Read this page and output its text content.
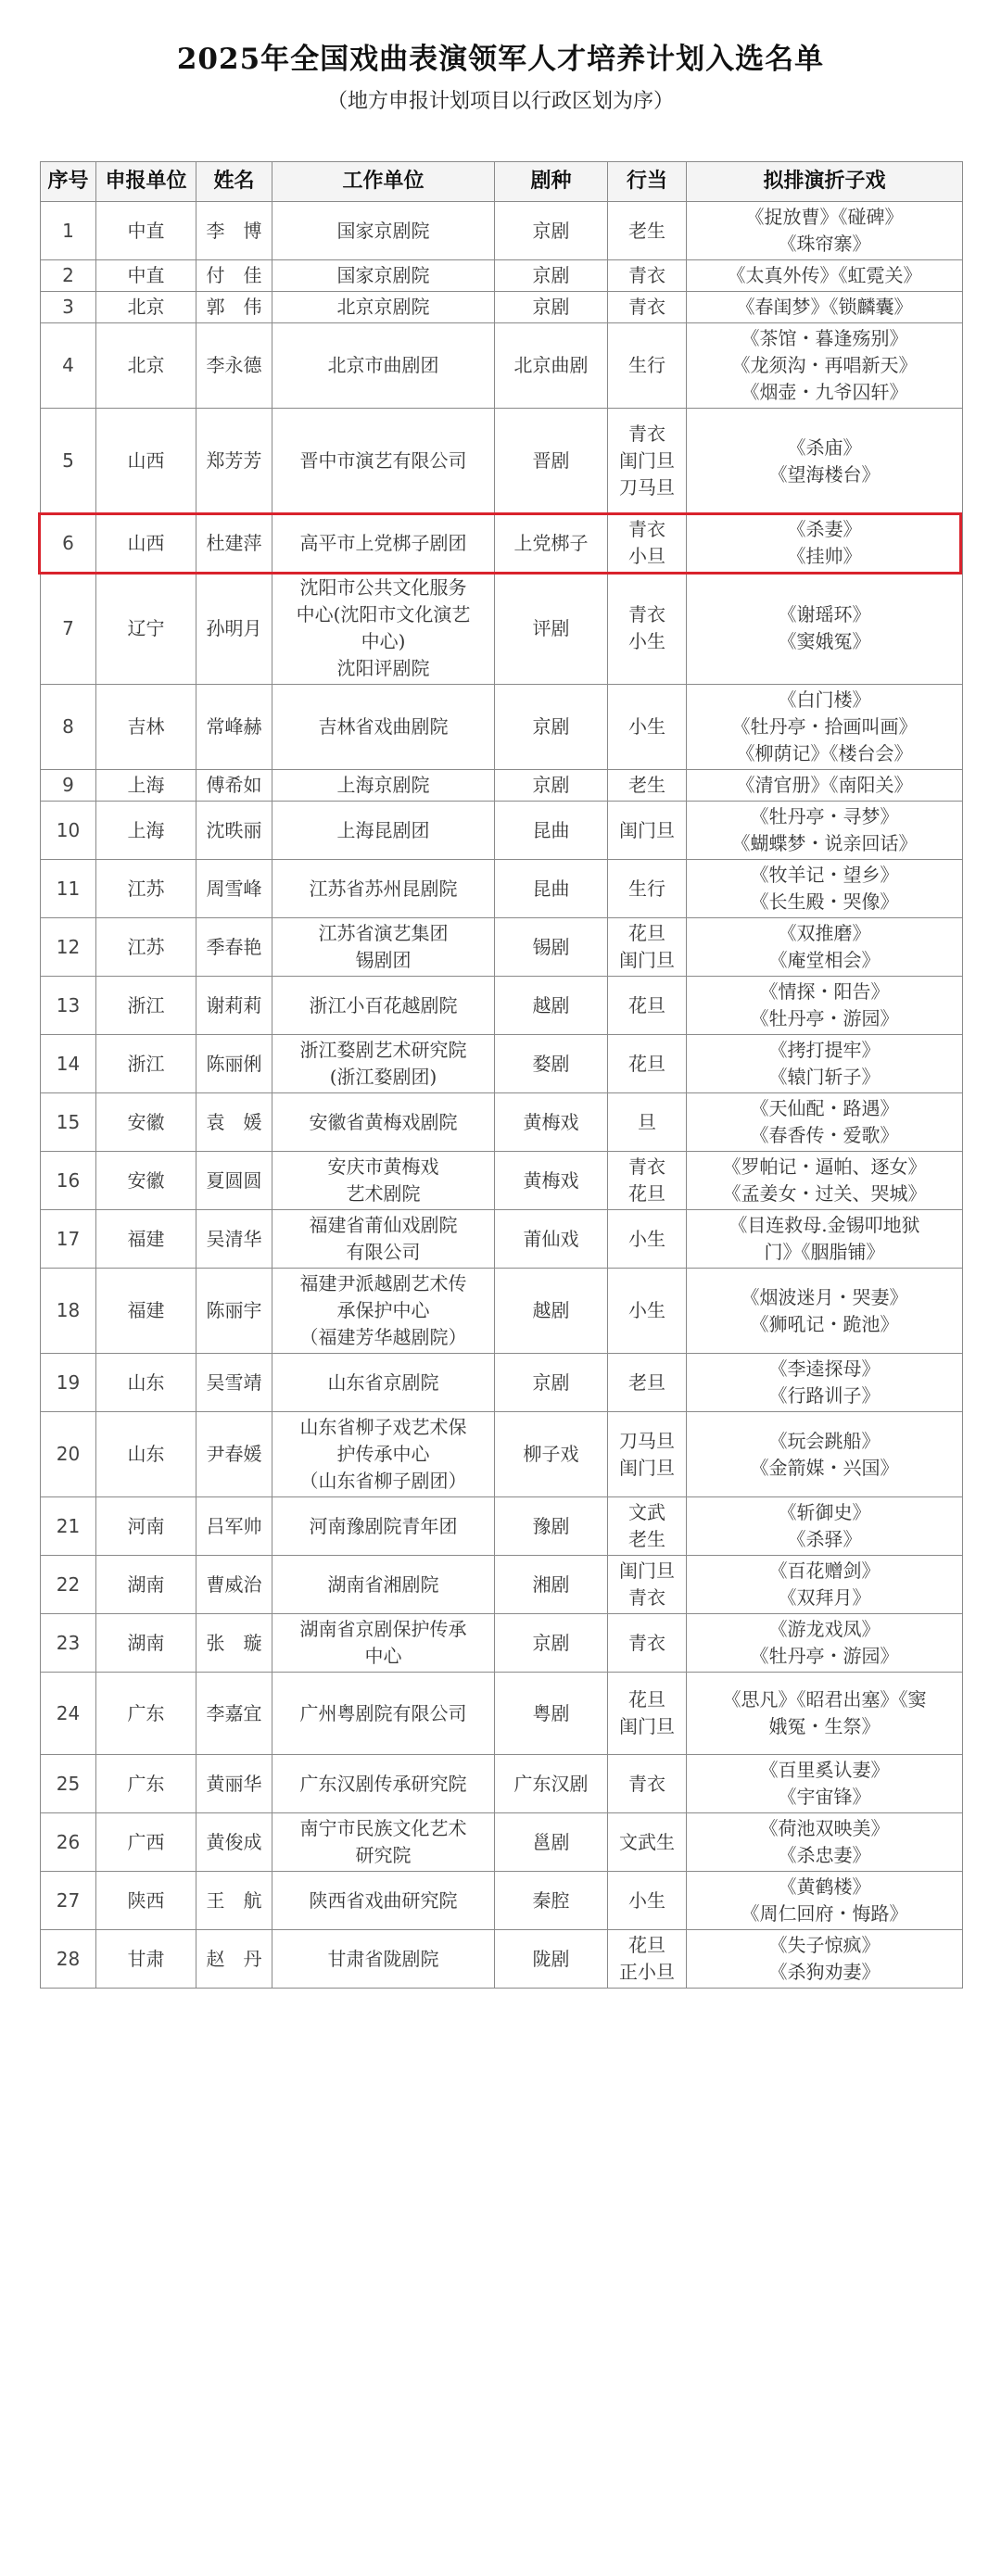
2025年全国戏曲表演领军人才培养计划入选名单
（地方申报计划项目以行政区划为序）
序号	申报单位	姓名	工作单位	剧种	行当	拟排演折子戏
1	中直	李　博	国家京剧院	京剧	老生	《捉放曹》《碰碑》
《珠帘寨》

2	中直	付　佳	国家京剧院	京剧	青衣	《太真外传》《虹霓关》

3	北京	郭　伟	北京京剧院	京剧	青衣	《春闺梦》《锁麟囊》

4	北京	李永德	北京市曲剧团	北京曲剧	生行	《茶馆・暮逢殇别》
《龙须沟・再唱新天》
《烟壶・九爷囚轩》

5	山西	郑芳芳	晋中市演艺有限公司	晋剧	青衣
闺门旦
刀马旦	《杀庙》
《望海楼台》

6	山西	杜建萍	高平市上党梆子剧团	上党梆子	青衣
小旦	《杀妻》
《挂帅》

7	辽宁	孙明月	沈阳市公共文化服务
中心(沈阳市文化演艺
中心)
沈阳评剧院	评剧	青衣
小生	《谢瑶环》
《窦娥冤》

8	吉林	常峰赫	吉林省戏曲剧院	京剧	小生	《白门楼》
《牡丹亭・拾画叫画》
《柳荫记》《楼台会》

9	上海	傅希如	上海京剧院	京剧	老生	《清官册》《南阳关》

10	上海	沈昳丽	上海昆剧团	昆曲	闺门旦	《牡丹亭・寻梦》
《蝴蝶梦・说亲回话》

11	江苏	周雪峰	江苏省苏州昆剧院	昆曲	生行	《牧羊记・望乡》
《长生殿・哭像》

12	江苏	季春艳	江苏省演艺集团
锡剧团	锡剧	花旦
闺门旦	《双推磨》
《庵堂相会》

13	浙江	谢莉莉	浙江小百花越剧院	越剧	花旦	《情探・阳告》
《牡丹亭・游园》

14	浙江	陈丽俐	浙江婺剧艺术研究院
(浙江婺剧团)	婺剧	花旦	《拷打提牢》
《辕门斩子》

15	安徽	袁　媛	安徽省黄梅戏剧院	黄梅戏	旦	《天仙配・路遇》
《春香传・爱歌》

16	安徽	夏圆圆	安庆市黄梅戏
艺术剧院	黄梅戏	青衣
花旦	《罗帕记・逼帕、逐女》
《孟姜女・过关、哭城》

17	福建	吴清华	福建省莆仙戏剧院
有限公司	莆仙戏	小生	《目连救母.金锡叩地狱
门》《胭脂铺》

18	福建	陈丽宇	福建尹派越剧艺术传
承保护中心
（福建芳华越剧院）	越剧	小生	《烟波迷月・哭妻》
《狮吼记・跪池》

19	山东	吴雪靖	山东省京剧院	京剧	老旦	《李逵探母》
《行路训子》

20	山东	尹春媛	山东省柳子戏艺术保
护传承中心
（山东省柳子剧团）	柳子戏	刀马旦
闺门旦	《玩会跳船》
《金箭媒・兴国》

21	河南	吕军帅	河南豫剧院青年团	豫剧	文武
老生	《斩御史》
《杀驿》

22	湖南	曹威治	湖南省湘剧院	湘剧	闺门旦
青衣	《百花赠剑》
《双拜月》

23	湖南	张　璇	湖南省京剧保护传承
中心	京剧	青衣	《游龙戏凤》
《牡丹亭・游园》

24	广东	李嘉宜	广州粤剧院有限公司	粤剧	花旦
闺门旦	《思凡》《昭君出塞》《窦
娥冤・生祭》

25	广东	黄丽华	广东汉剧传承研究院	广东汉剧	青衣	《百里奚认妻》
《宇宙锋》

26	广西	黄俊成	南宁市民族文化艺术
研究院	邕剧	文武生	《荷池双映美》
《杀忠妻》

27	陕西	王　航	陕西省戏曲研究院	秦腔	小生	《黄鹤楼》
《周仁回府・悔路》

28	甘肃	赵　丹	甘肃省陇剧院	陇剧	花旦
正小旦	《失子惊疯》
《杀狗劝妻》
